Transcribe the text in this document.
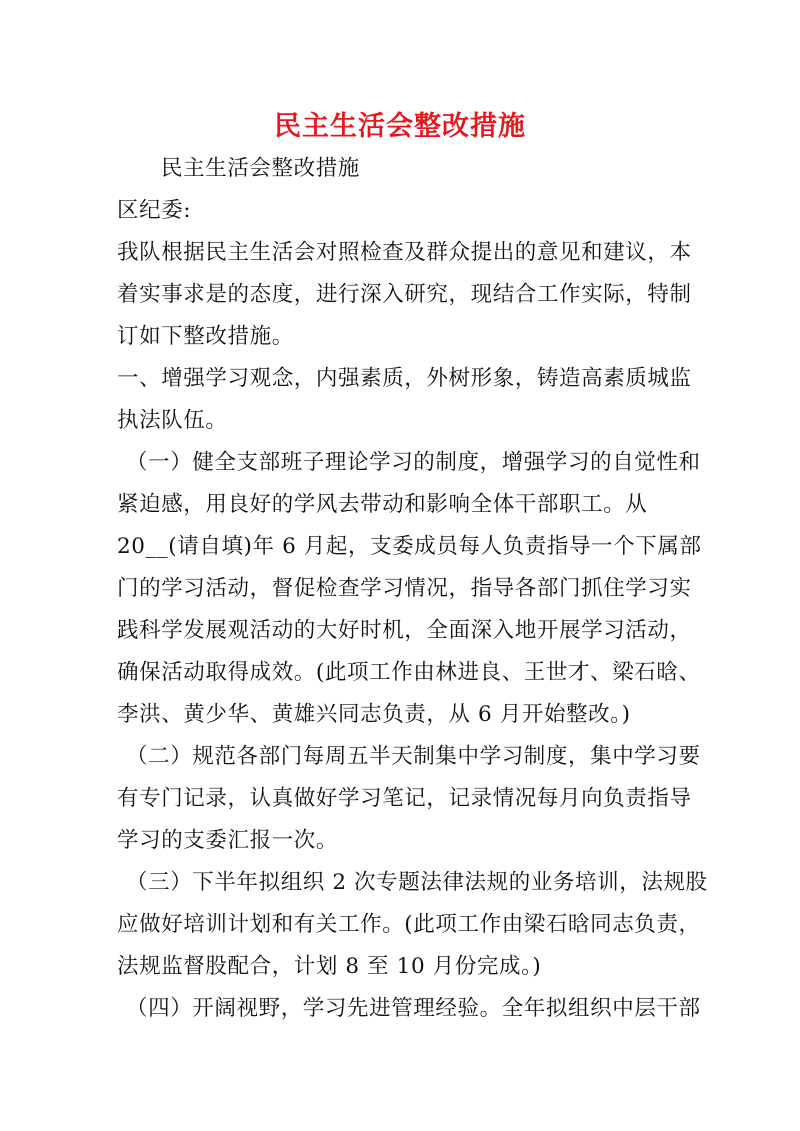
民主生活会整改措施
民主生活会整改措施
区纪委:
我队根据民主生活会对照检查及群众提出的意见和建议，本
着实事求是的态度，进行深入研究，现结合工作实际，特制
订如下整改措施。
一、增强学习观念，内强素质，外树形象，铸造高素质城监
执法队伍。
（一）健全支部班子理论学习的制度，增强学习的自觉性和
紧迫感，用良好的学风去带动和影响全体干部职工。从
20__(请自填)年 6 月起，支委成员每人负责指导一个下属部
门的学习活动，督促检查学习情况，指导各部门抓住学习实
践科学发展观活动的大好时机，全面深入地开展学习活动，
确保活动取得成效。(此项工作由林进良、王世才、梁石晗、
李洪、黄少华、黄雄兴同志负责，从 6 月开始整改。)
（二）规范各部门每周五半天制集中学习制度，集中学习要
有专门记录，认真做好学习笔记，记录情况每月向负责指导
学习的支委汇报一次。
（三）下半年拟组织 2 次专题法律法规的业务培训，法规股
应做好培训计划和有关工作。(此项工作由梁石晗同志负责，
法规监督股配合，计划 8 至 10 月份完成。)
（四）开阔视野，学习先进管理经验。全年拟组织中层干部
